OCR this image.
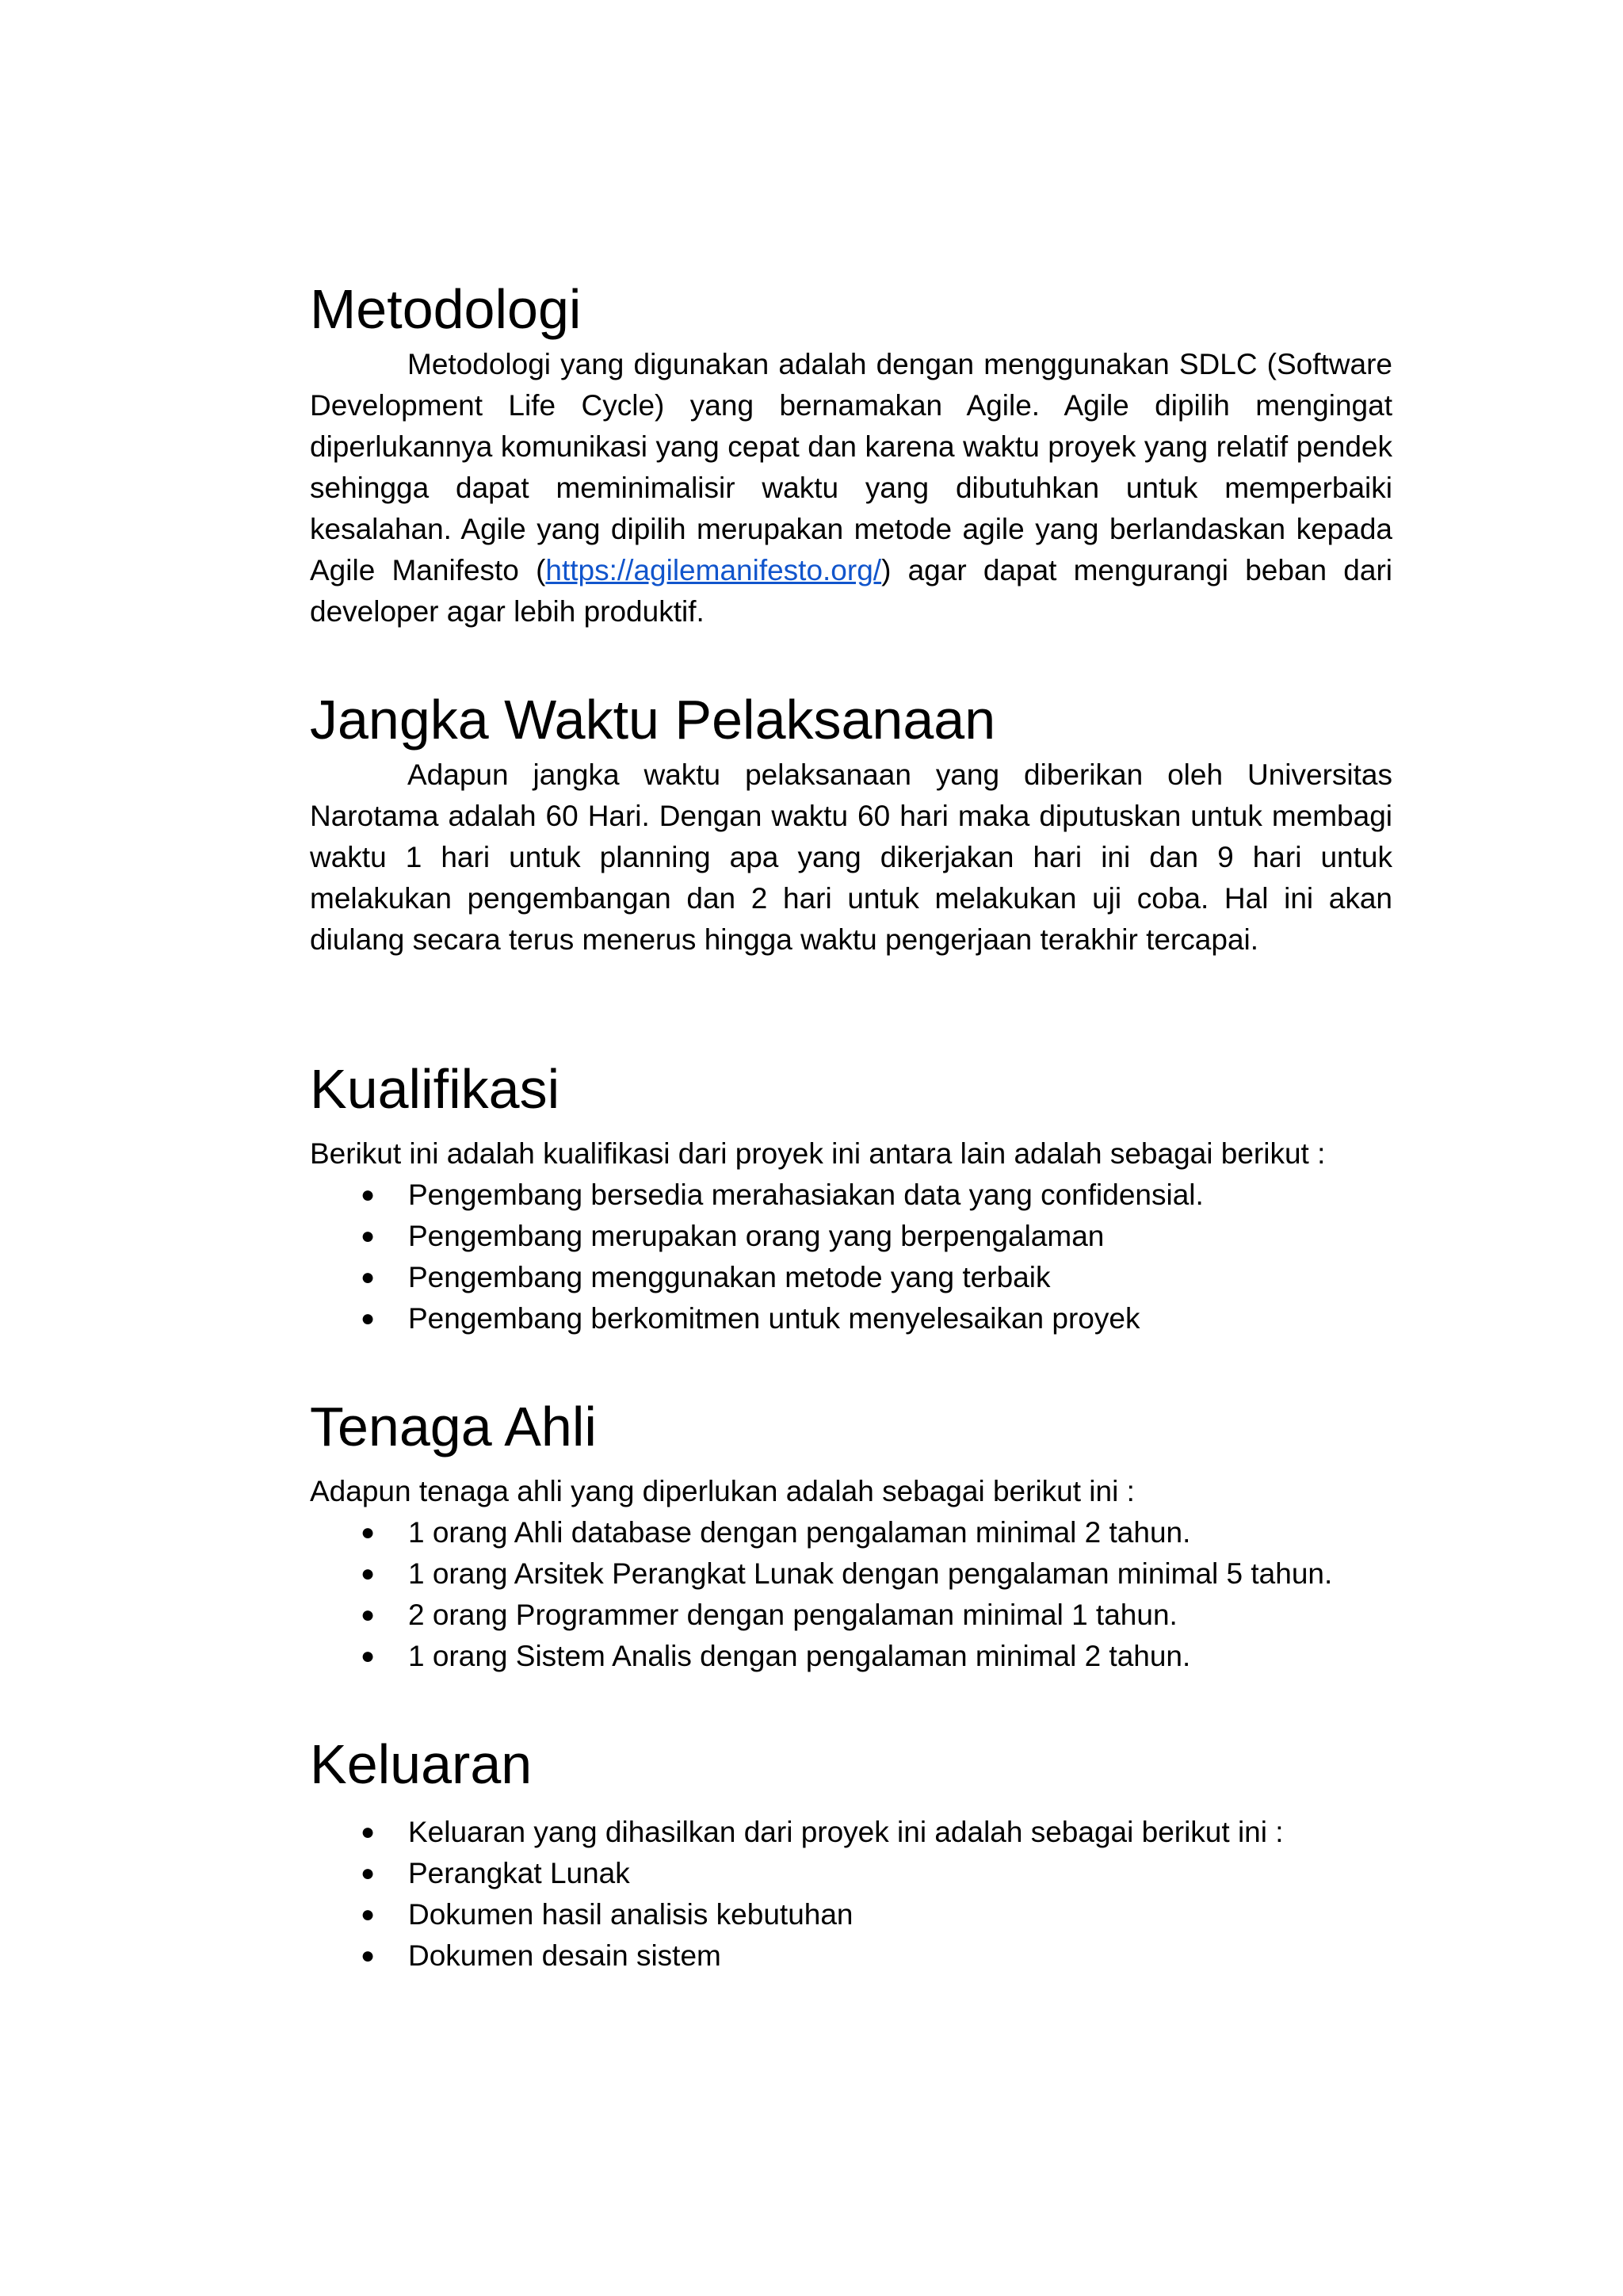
Metodologi

Metodologi yang digunakan adalah dengan menggunakan SDLC (Software Development Life Cycle) yang bernamakan Agile. Agile dipilih mengingat diperlukannya komunikasi yang cepat dan karena waktu proyek yang relatif pendek sehingga dapat meminimalisir waktu yang dibutuhkan untuk memperbaiki kesalahan. Agile yang dipilih merupakan metode agile yang berlandaskan kepada Agile Manifesto (https://agilemanifesto.org/) agar dapat mengurangi beban dari developer agar lebih produktif.

Jangka Waktu Pelaksanaan

Adapun jangka waktu pelaksanaan yang diberikan oleh Universitas Narotama adalah 60 Hari. Dengan waktu 60 hari maka diputuskan untuk membagi waktu 1 hari untuk planning apa yang dikerjakan hari ini dan 9 hari untuk melakukan pengembangan dan 2 hari untuk melakukan uji coba. Hal ini akan diulang secara terus menerus hingga waktu pengerjaan terakhir tercapai.

Kualifikasi

Berikut ini adalah kualifikasi dari proyek ini antara lain adalah sebagai berikut :

● Pengembang bersedia merahasiakan data yang confidensial.
● Pengembang merupakan orang yang berpengalaman
● Pengembang menggunakan metode yang terbaik
● Pengembang berkomitmen untuk menyelesaikan proyek
Tenaga Ahli

Adapun tenaga ahli yang diperlukan adalah sebagai berikut ini :

● 1 orang Ahli database dengan pengalaman minimal 2 tahun.
● 1 orang Arsitek Perangkat Lunak dengan pengalaman minimal 5 tahun.
● 2 orang Programmer dengan pengalaman minimal 1 tahun.
● 1 orang Sistem Analis dengan pengalaman minimal 2 tahun.
Keluaran
● Keluaran yang dihasilkan dari proyek ini adalah sebagai berikut ini :
● Perangkat Lunak
● Dokumen hasil analisis kebutuhan
● Dokumen desain sistem
